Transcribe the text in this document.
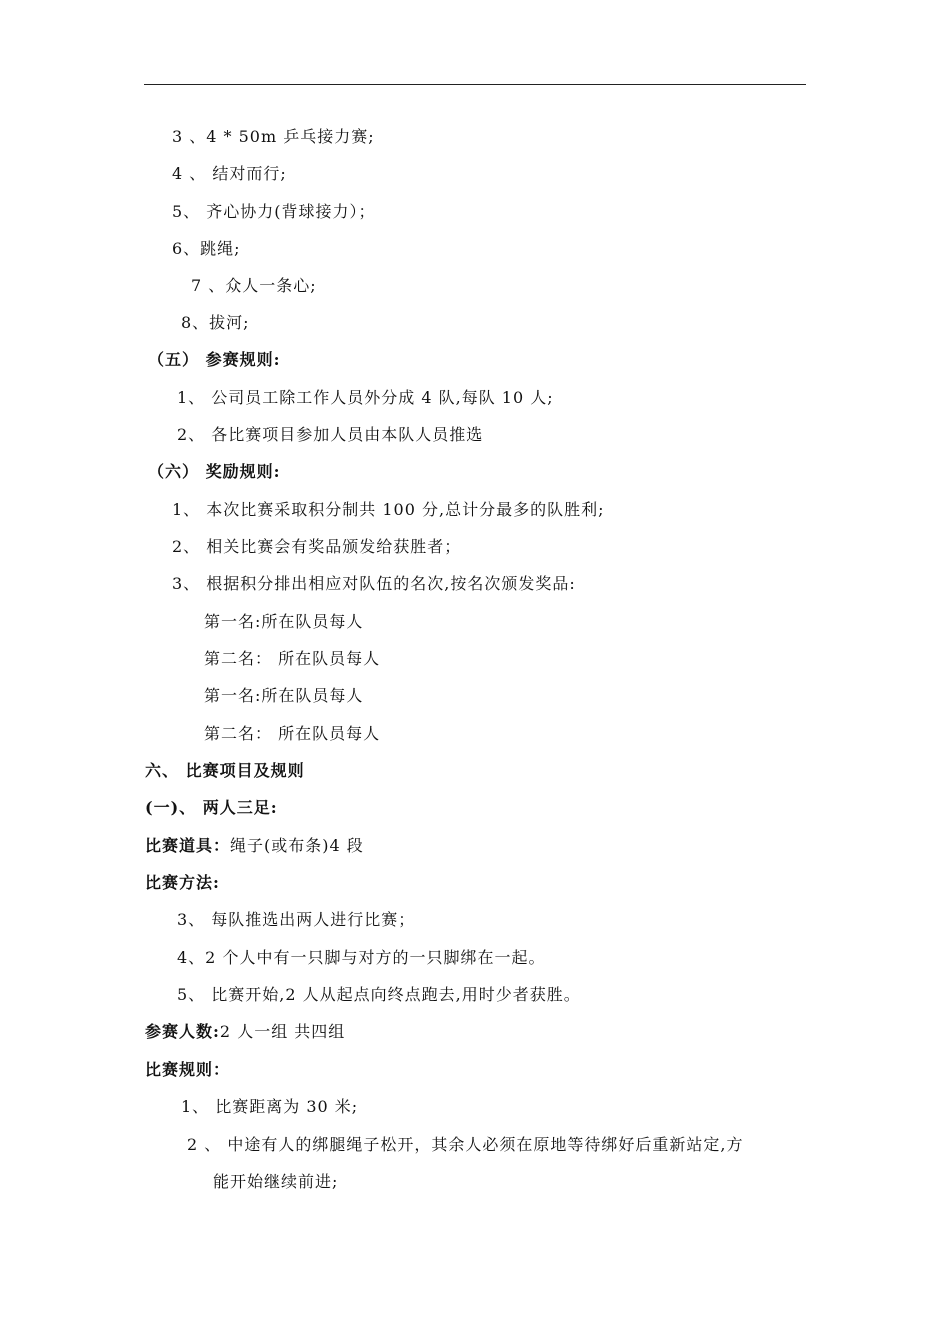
3 、4 * 50m 乒乓接力赛;
4 、 结对而行;
5、 齐心协力(背球接力）；
6、跳绳;
7 、众人一条心;
8、拔河;
（五） 参赛规则:
1、 公司员工除工作人员外分成 4 队,每队 10 人;
2、 各比赛项目参加人员由本队人员推选
（六） 奖励规则:
1、 本次比赛采取积分制共 100 分,总计分最多的队胜利;
2、 相关比赛会有奖品颁发给获胜者；
3、 根据积分排出相应对队伍的名次,按名次颁发奖品:
第一名:所在队员每人
第二名： 所在队员每人
第一名:所在队员每人
第二名： 所在队员每人
六、 比赛项目及规则
(一)、 两人三足:
比赛道具：绳子(或布条)4 段
比赛方法:
3、 每队推选出两人进行比赛；
4、2 个人中有一只脚与对方的一只脚绑在一起。
5、 比赛开始,2 人从起点向终点跑去,用时少者获胜。
参赛人数:2 人一组 共四组
比赛规则：
1、 比赛距离为 30 米;
2 、 中途有人的绑腿绳子松开，其余人必须在原地等待绑好后重新站定,方
能开始继续前进;
